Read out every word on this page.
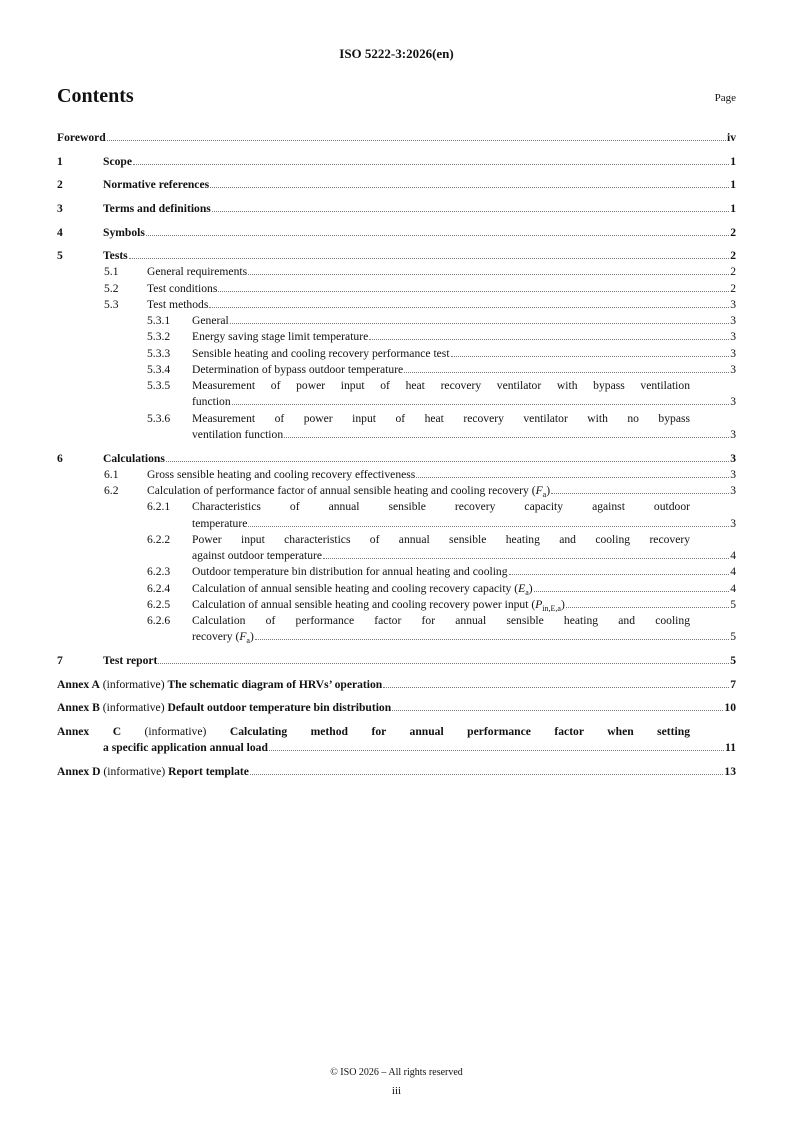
ISO 5222-3:2026(en)
Contents	Page
Foreword	iv
1	Scope	1
2	Normative references	1
3	Terms and definitions	1
4	Symbols	2
5	Tests	2
5.1 General requirements	2
5.2 Test conditions	2
5.3 Test methods	3
5.3.1 General	3
5.3.2 Energy saving stage limit temperature	3
5.3.3 Sensible heating and cooling recovery performance test	3
5.3.4 Determination of bypass outdoor temperature	3
5.3.5 Measurement of power input of heat recovery ventilator with bypass ventilation
function	3
5.3.6 Measurement of power input of heat recovery ventilator with no bypass
ventilation function	3
6	Calculations	3
6.1 Gross sensible heating and cooling recovery effectiveness	3
6.2 Calculation of performance factor of annual sensible heating and cooling recovery $(F_a)$	3
6.2.1 Characteristics of annual sensible recovery capacity against outdoor
temperature	3
6.2.2 Power input characteristics of annual sensible heating and cooling recovery
against outdoor temperature	4
6.2.3 Outdoor temperature bin distribution for annual heating and cooling	4
6.2.4 Calculation of annual sensible heating and cooling recovery capacity $(E_a)$	4
6.2.5 Calculation of annual sensible heating and cooling recovery power input $(P_{in,E,a})$	5
6.2.6 Calculation of performance factor for annual sensible heating and cooling
recovery $(F_a)$	5
7	Test report	5
Annex A (informative) The schematic diagram of HRVs’ operation	7
Annex B (informative) Default outdoor temperature bin distribution	10
Annex C (informative) Calculating method for annual performance factor when setting
a specific application annual load	11
Annex D (informative) Report template	13
© ISO 2026 – All rights reserved
iii
